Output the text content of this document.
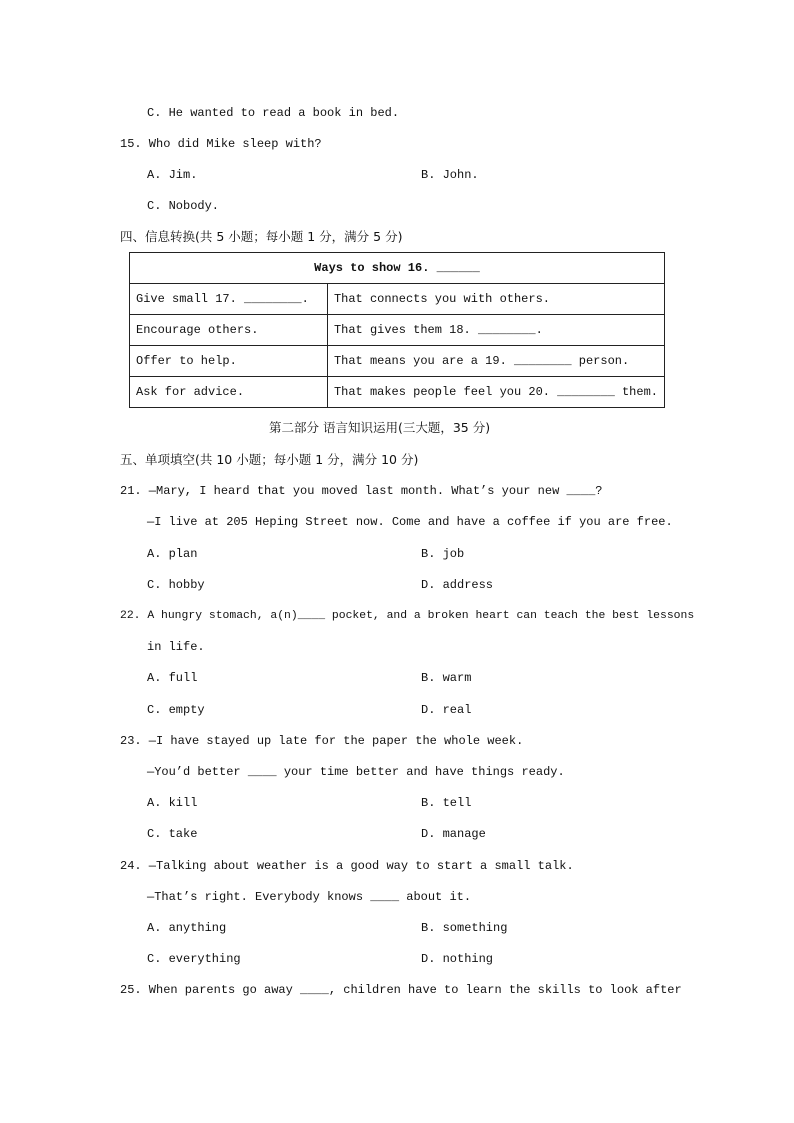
C. He wanted to read a book in bed.
15. Who did Mike sleep with?
A. Jim.	B. John.
C. Nobody.
四、信息转换(共 5 小题；每小题 1 分，满分 5 分)
Ways to show 16. ______	
Give small 17. ________.	That connects you with others.
Encourage others.	That gives them 18. ________.
Offer to help.	That means you are a 19. ________ person.
Ask for advice.	That makes people feel you 20. ________ them.
第二部分 语言知识运用(三大题，35 分)
五、单项填空(共 10 小题；每小题 1 分，满分 10 分)
21. —Mary, I heard that you moved last month. What’s your new ____?
—I live at 205 Heping Street now. Come and have a coffee if you are free.
A. plan	B. job
C. hobby	D. address
22. A hungry stomach, a(n)____ pocket, and a broken heart can teach the best lessons
in life.
A. full	B. warm
C. empty	D. real
23. —I have stayed up late for the paper the whole week.
—You’d better ____ your time better and have things ready.
A. kill	B. tell
C. take	D. manage
24. —Talking about weather is a good way to start a small talk.
—That’s right. Everybody knows ____ about it.
A. anything	B. something
C. everything	D. nothing
25. When parents go away ____, children have to learn the skills to look after
